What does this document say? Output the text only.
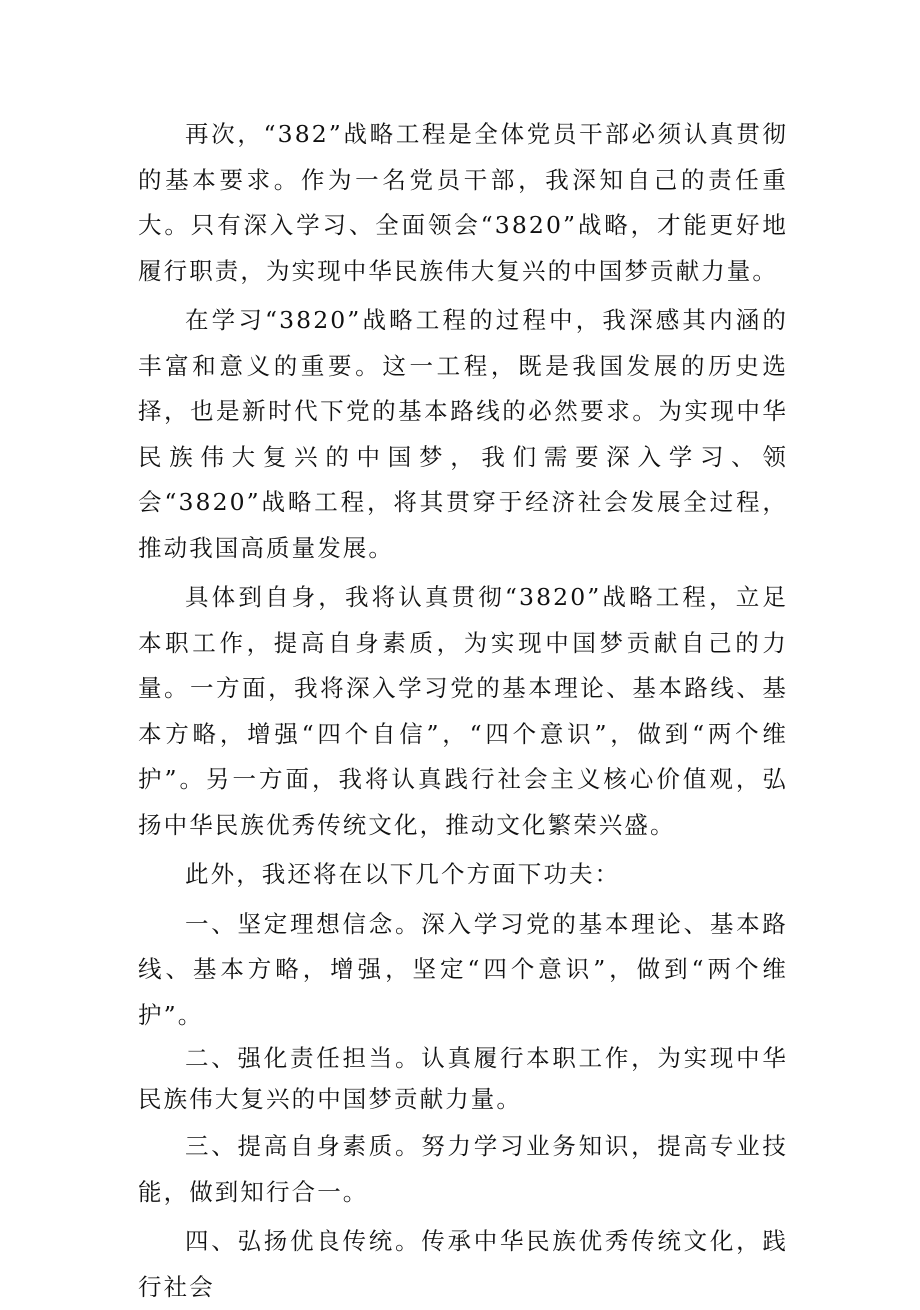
再次，“382”战略工程是全体党员干部必须认真贯彻的基本要求。作为一名党员干部，我深知自己的责任重大。只有深入学习、全面领会“3820”战略，才能更好地履行职责，为实现中华民族伟大复兴的中国梦贡献力量。

在学习“3820”战略工程的过程中，我深感其内涵的丰富和意义的重要。这一工程，既是我国发展的历史选择，也是新时代下党的基本路线的必然要求。为实现中华民族伟大复兴的中国梦，我们需要深入学习、领会“3820”战略工程，将其贯穿于经济社会发展全过程，推动我国高质量发展。

具体到自身，我将认真贯彻“3820”战略工程，立足本职工作，提高自身素质，为实现中国梦贡献自己的力量。一方面，我将深入学习党的基本理论、基本路线、基本方略，增强“四个自信”，“四个意识”，做到“两个维护”。另一方面，我将认真践行社会主义核心价值观，弘扬中华民族优秀传统文化，推动文化繁荣兴盛。

此外，我还将在以下几个方面下功夫：

一、坚定理想信念。深入学习党的基本理论、基本路线、基本方略，增强，坚定“四个意识”，做到“两个维护”。

二、强化责任担当。认真履行本职工作，为实现中华民族伟大复兴的中国梦贡献力量。

三、提高自身素质。努力学习业务知识，提高专业技能，做到知行合一。

四、弘扬优良传统。传承中华民族优秀传统文化，践行社会
